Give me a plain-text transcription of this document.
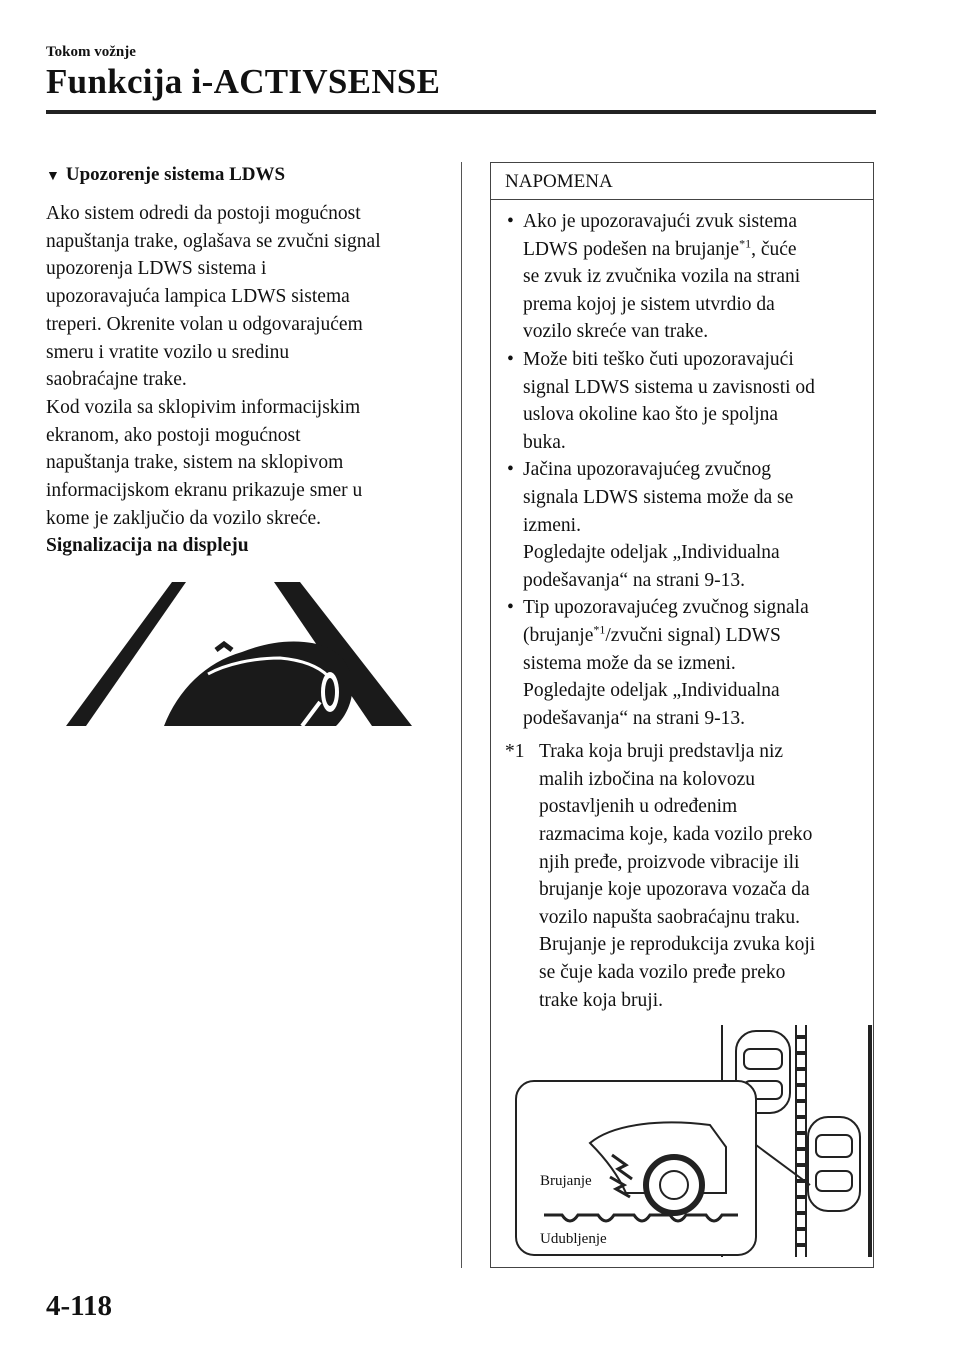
Tokom vožnje
Funkcija i-ACTIVSENSE
▼ Upozorenje sistema LDWS

Ako sistem odredi da postoji mogućnost
napuštanja trake, oglašava se zvučni signal
upozorenja LDWS sistema i
upozoravajuća lampica LDWS sistema
treperi. Okrenite volan u odgovarajućem
smeru i vratite vozilo u sredinu
saobraćajne trake.

Kod vozila sa sklopivim informacijskim
ekranom, ako postoji mogućnost
napuštanja trake, sistem na sklopivom
informacijskom ekranu prikazuje smer u
kome je zaključio da vozilo skreće.

Signalizacija na displeju

NAPOMENA
• Ako je upozoravajući zvuk sistema
LDWS podešen na brujanje$^{*1}$, čuće
se zvuk iz zvučnika vozila na strani
prema kojoj je sistem utvrdio da
vozilo skreće van trake.
• Može biti teško čuti upozoravajući
signal LDWS sistema u zavisnosti od
uslova okoline kao što je spoljna
buka.
• Jačina upozoravajućeg zvučnog
signala LDWS sistema može da se
izmeni.
Pogledajte odeljak „Individualna
podešavanja“ na strani 9-13.
• Tip upozoravajućeg zvučnog signala
(brujanje$^{*1}$/zvučni signal) LDWS
sistema može da se izmeni.
Pogledajte odeljak „Individualna
podešavanja“ na strani 9-13.
*1 Traka koja bruji predstavlja niz
malih izbočina na kolovozu
postavljenih u određenim
razmacima koje, kada vozilo preko
njih pređe, proizvode vibracije ili
brujanje koje upozorava vozača da
vozilo napušta saobraćajnu traku.
Brujanje je reprodukcija zvuka koji
se čuje kada vozilo pređe preko
trake koja bruji.
Brujanje
Udubljenje
4-118
